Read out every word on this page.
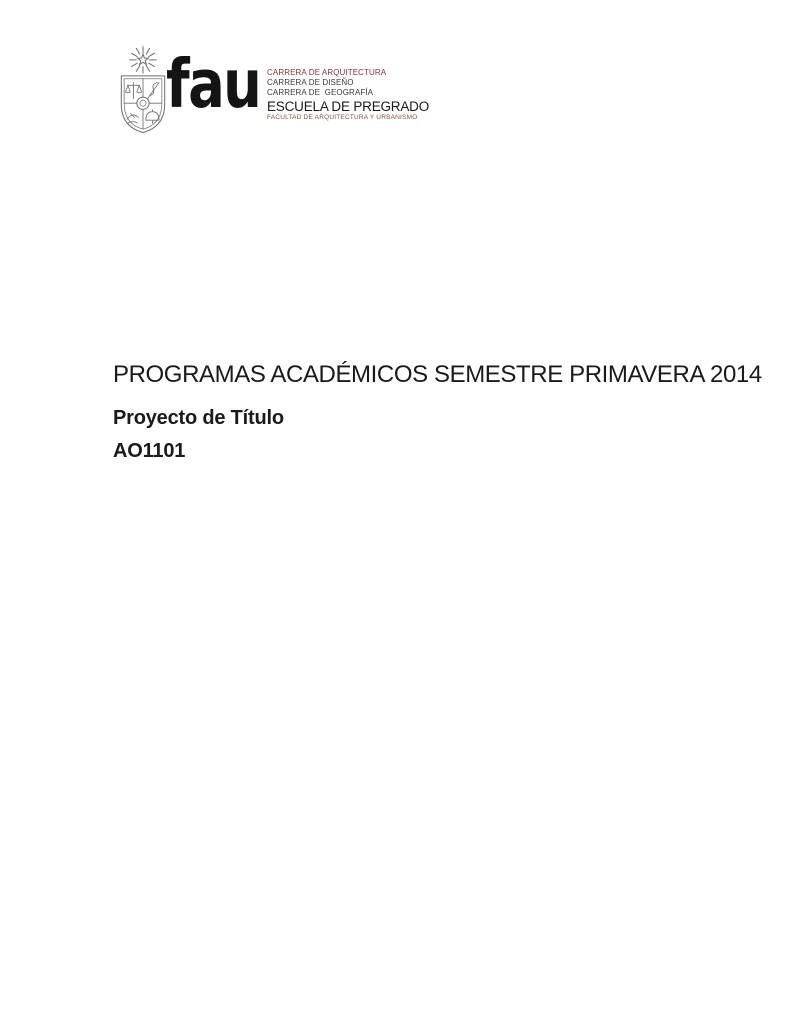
fau CARRERA DE ARQUITECTURA
CARRERA DE DISEÑO
CARRERA DE  GEOGRAFÍA
ESCUELA DE PREGRADO
FACULTAD DE ARQUITECTURA Y URBANISMO
PROGRAMAS ACADÉMICOS SEMESTRE PRIMAVERA 2014
Proyecto de Título
AO1101
